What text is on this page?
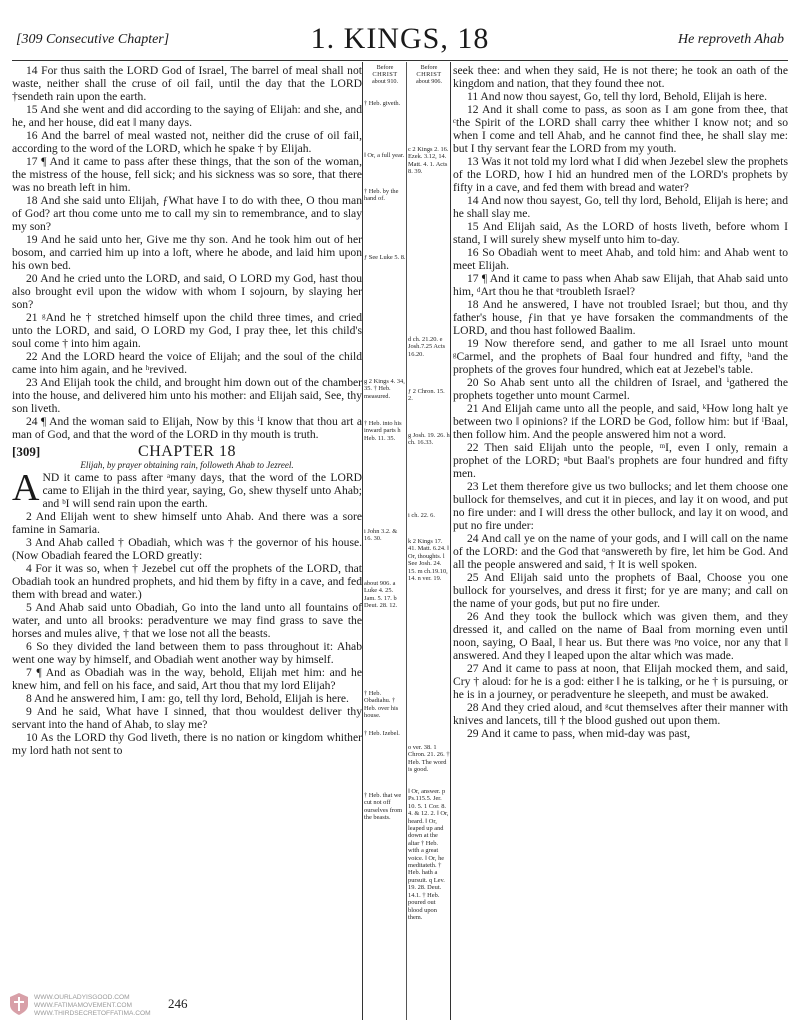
[309 Consecutive Chapter]	1. KINGS, 18	He reproveth Ahab

14 For thus saith the LORD God of Israel, The barrel of meal shall not waste, neither shall the cruse of oil fail, until the day that the LORD †sendeth rain upon the earth.

15 And she went and did according to the saying of Elijah: and she, and he, and her house, did eat ‖ many days.

16 And the barrel of meal wasted not, neither did the cruse of oil fail, according to the word of the LORD, which he spake † by Elijah.

17 ¶ And it came to pass after these things, that the son of the woman, the mistress of the house, fell sick; and his sickness was so sore, that there was no breath left in him.

18 And she said unto Elijah, ƒWhat have I to do with thee, O thou man of God? art thou come unto me to call my sin to remembrance, and to slay my son?

19 And he said unto her, Give me thy son. And he took him out of her bosom, and carried him up into a loft, where he abode, and laid him upon his own bed.

20 And he cried unto the LORD, and said, O LORD my God, hast thou also brought evil upon the widow with whom I sojourn, by slaying her son?

21 ᵍAnd he † stretched himself upon the child three times, and cried unto the LORD, and said, O LORD my God, I pray thee, let this child's soul come † into him again.

22 And the LORD heard the voice of Elijah; and the soul of the child came into him again, and he ʰrevived.

23 And Elijah took the child, and brought him down out of the chamber into the house, and delivered him unto his mother: and Elijah said, See, thy son liveth.

24 ¶ And the woman said to Elijah, Now by this ⁱI know that thou art a man of God, and that the word of the LORD in thy mouth is truth.

[309]	CHAPTER 18
Elijah, by prayer obtaining rain, followeth Ahab to Jezreel.

AND it came to pass after ᵃmany days, that the word of the LORD came to Elijah in the third year, saying, Go, shew thyself unto Ahab; and ᵇI will send rain upon the earth.

2 And Elijah went to shew himself unto Ahab. And there was a sore famine in Samaria.

3 And Ahab called † Obadiah, which was † the governor of his house. (Now Obadiah feared the LORD greatly:

4 For it was so, when † Jezebel cut off the prophets of the LORD, that Obadiah took an hundred prophets, and hid them by fifty in a cave, and fed them with bread and water.)

5 And Ahab said unto Obadiah, Go into the land unto all fountains of water, and unto all brooks: peradventure we may find grass to save the horses and mules alive, † that we lose not all the beasts.

6 So they divided the land between them to pass throughout it: Ahab went one way by himself, and Obadiah went another way by himself.

7 ¶ And as Obadiah was in the way, behold, Elijah met him: and he knew him, and fell on his face, and said, Art thou that my lord Elijah?

8 And he answered him, I am: go, tell thy lord, Behold, Elijah is here.

9 And he said, What have I sinned, that thou wouldest deliver thy servant into the hand of Ahab, to slay me?

10 As the LORD thy God liveth, there is no nation or kingdom whither my lord hath not sent to

Before
CHRIST
about 910.
† Heb. giveth.
‖ Or, a full year.
† Heb. by the hand of.
ƒ See Luke 5. 8.
g 2 Kings 4. 34, 35. † Heb. measured.
† Heb. into his inward parts h Heb. 11. 35.
i John 3.2. & 16. 30.
about 906. a Luke 4. 25. Jam. 5. 17. b Deut. 28. 12.
† Heb. Obadiahu. † Heb. over his house.
† Heb. Izebel.
† Heb. that we cut not off ourselves from the beasts.
Before
CHRIST
about 906.
c 2 Kings 2. 16. Ezek. 3.12, 14. Matt. 4. 1. Acts 8. 39.
d ch. 21.20. e Josh.7.25 Acts 16.20.
ƒ 2 Chron. 15. 2.
g Josh. 19. 26. h ch. 16.33.
i ch. 22. 6.
k 2 Kings 17. 41. Matt. 6.24. ‖ Or, thoughts. l See Josh. 24. 15. m ch.19.10, 14. n ver. 19.
o ver. 38. 1 Chron. 21. 26. † Heb. The word is good.
‖ Or, answer. p Ps.115.5. Jer. 10. 5. 1 Cor. 8. 4. & 12. 2. ‖ Or, heard. ‖ Or, leaped up and down at the altar † Heb. with a great voice. ‖ Or, he meditateth. † Heb. hath a pursuit. q Lev. 19. 28. Deut. 14.1. † Heb. poured out blood upon them.

seek thee: and when they said, He is not there; he took an oath of the kingdom and nation, that they found thee not.

11 And now thou sayest, Go, tell thy lord, Behold, Elijah is here.

12 And it shall come to pass, as soon as I am gone from thee, that ᶜthe Spirit of the LORD shall carry thee whither I know not; and so when I come and tell Ahab, and he cannot find thee, he shall slay me: but I thy servant fear the LORD from my youth.

13 Was it not told my lord what I did when Jezebel slew the prophets of the LORD, how I hid an hundred men of the LORD's prophets by fifty in a cave, and fed them with bread and water?

14 And now thou sayest, Go, tell thy lord, Behold, Elijah is here; and he shall slay me.

15 And Elijah said, As the LORD of hosts liveth, before whom I stand, I will surely shew myself unto him to-day.

16 So Obadiah went to meet Ahab, and told him: and Ahab went to meet Elijah.

17 ¶ And it came to pass when Ahab saw Elijah, that Ahab said unto him, ᵈArt thou he that ᵉtroubleth Israel?

18 And he answered, I have not troubled Israel; but thou, and thy father's house, ƒin that ye have forsaken the commandments of the LORD, and thou hast followed Baalim.

19 Now therefore send, and gather to me all Israel unto mount ᵍCarmel, and the prophets of Baal four hundred and fifty, ʰand the prophets of the groves four hundred, which eat at Jezebel's table.

20 So Ahab sent unto all the children of Israel, and ⁱgathered the prophets together unto mount Carmel.

21 And Elijah came unto all the people, and said, ᵏHow long halt ye between two ‖ opinions? if the LORD be God, follow him: but if ˡBaal, then follow him. And the people answered him not a word.

22 Then said Elijah unto the people, ᵐI, even I only, remain a prophet of the LORD; ⁿbut Baal's prophets are four hundred and fifty men.

23 Let them therefore give us two bullocks; and let them choose one bullock for themselves, and cut it in pieces, and lay it on wood, and put no fire under: and I will dress the other bullock, and lay it on wood, and put no fire under:

24 And call ye on the name of your gods, and I will call on the name of the LORD: and the God that ᵒanswereth by fire, let him be God. And all the people answered and said, † It is well spoken.

25 And Elijah said unto the prophets of Baal, Choose you one bullock for yourselves, and dress it first; for ye are many; and call on the name of your gods, but put no fire under.

26 And they took the bullock which was given them, and they dressed it, and called on the name of Baal from morning even until noon, saying, O Baal, ‖ hear us. But there was ᵖno voice, nor any that ‖ answered. And they ‖ leaped upon the altar which was made.

27 And it came to pass at noon, that Elijah mocked them, and said, Cry † aloud: for he is a god: either ‖ he is talking, or he † is pursuing, or he is in a journey, or peradventure he sleepeth, and must be awaked.

28 And they cried aloud, and ᵍcut themselves after their manner with knives and lancets, till † the blood gushed out upon them.

29 And it came to pass, when mid-day was past,

WWW.OURLADYISGOOD.COM
WWW.FATIMAMOVEMENT.COM
WWW.THIRDSECRETOFFATIMA.COM
246
